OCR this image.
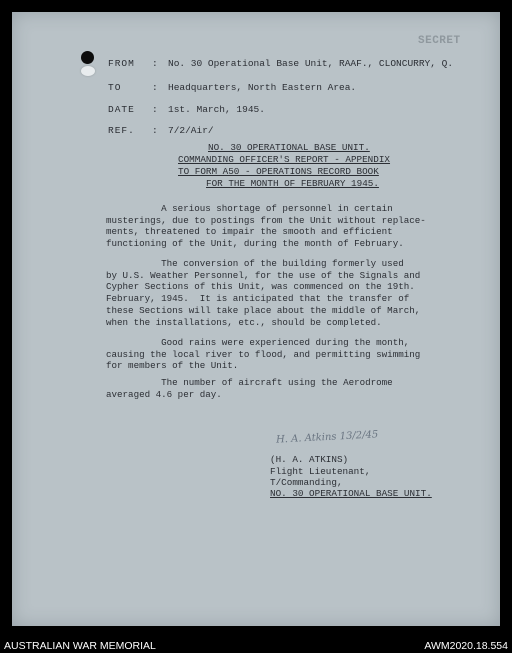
SECRET
FROM : No. 30 Operational Base Unit, RAAF., CLONCURRY, Q.
TO	: Headquarters, North Eastern Area.
DATE : 1st. March, 1945.
REF. : 7/2/Air/
NO. 30 OPERATIONAL BASE UNIT.
COMMANDING OFFICER'S REPORT - APPENDIX
TO FORM A50 - OPERATIONS RECORD BOOK
FOR THE MONTH OF FEBRUARY 1945.
A serious shortage of personnel in certain
musterings, due to postings from the Unit without replace-
ments, threatened to impair the smooth and efficient
functioning of the Unit, during the month of February.
The conversion of the building formerly used
by U.S. Weather Personnel, for the use of the Signals and
Cypher Sections of this Unit, was commenced on the 19th.
February, 1945.  It is anticipated that the transfer of
these Sections will take place about the middle of March,
when the installations, etc., should be completed.
Good rains were experienced during the month,
causing the local river to flood, and permitting swimming
for members of the Unit.
The number of aircraft using the Aerodrome
averaged 4.6 per day.
H. A. Atkins 13/2/45
(H. A. ATKINS)
Flight Lieutenant,
T/Commanding,
NO. 30 OPERATIONAL BASE UNIT.
AUSTRALIAN WAR MEMORIAL	AWM2020.18.554
